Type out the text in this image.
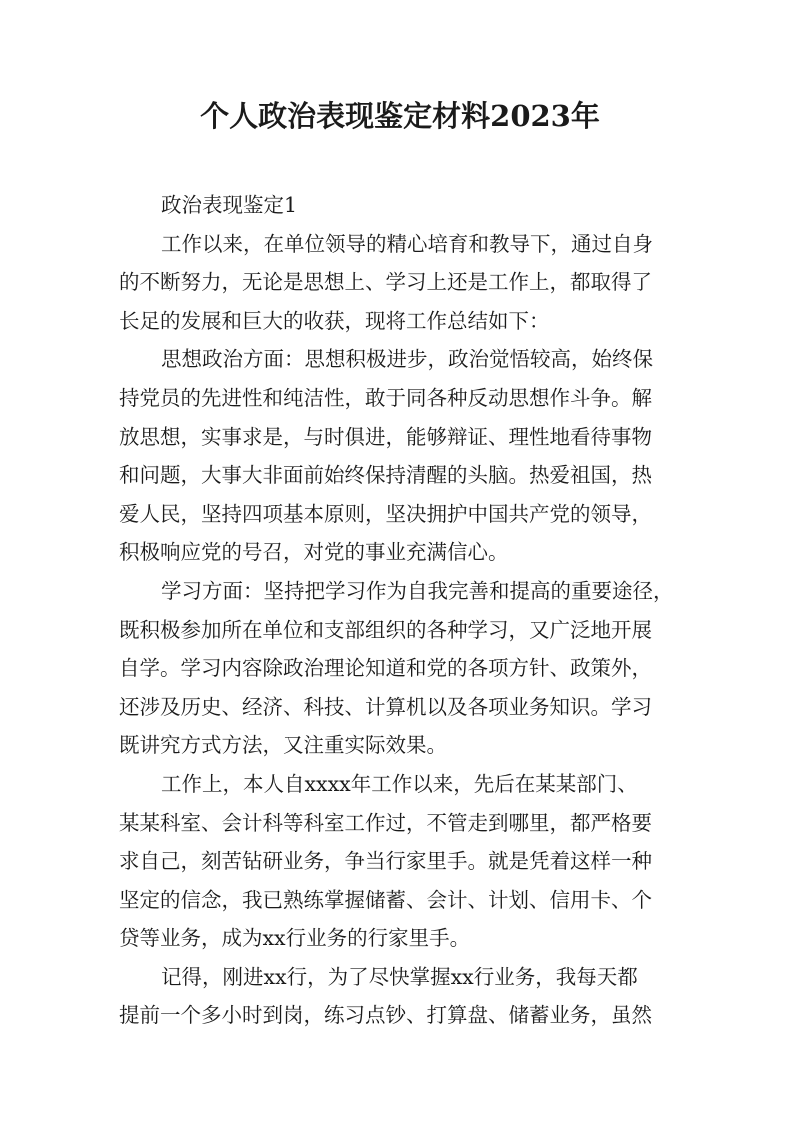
个人政治表现鉴定材料2023年
政治表现鉴定1
工作以来，在单位领导的精心培育和教导下，通过自身
的不断努力，无论是思想上、学习上还是工作上，都取得了
长足的发展和巨大的收获，现将工作总结如下：
思想政治方面：思想积极进步，政治觉悟较高，始终保
持党员的先进性和纯洁性，敢于同各种反动思想作斗争。解
放思想，实事求是，与时俱进，能够辩证、理性地看待事物
和问题，大事大非面前始终保持清醒的头脑。热爱祖国，热
爱人民，坚持四项基本原则，坚决拥护中国共产党的领导，
积极响应党的号召，对党的事业充满信心。
学习方面：坚持把学习作为自我完善和提高的重要途径，
既积极参加所在单位和支部组织的各种学习，又广泛地开展
自学。学习内容除政治理论知道和党的各项方针、政策外，
还涉及历史、经济、科技、计算机以及各项业务知识。学习
既讲究方式方法，又注重实际效果。
工作上，本人自xxxx年工作以来，先后在某某部门、
某某科室、会计科等科室工作过，不管走到哪里，都严格要
求自己，刻苦钻研业务，争当行家里手。就是凭着这样一种
坚定的信念，我已熟练掌握储蓄、会计、计划、信用卡、个
贷等业务，成为xx行业务的行家里手。
记得，刚进xx行，为了尽快掌握xx行业务，我每天都
提前一个多小时到岗，练习点钞、打算盘、储蓄业务，虽然
